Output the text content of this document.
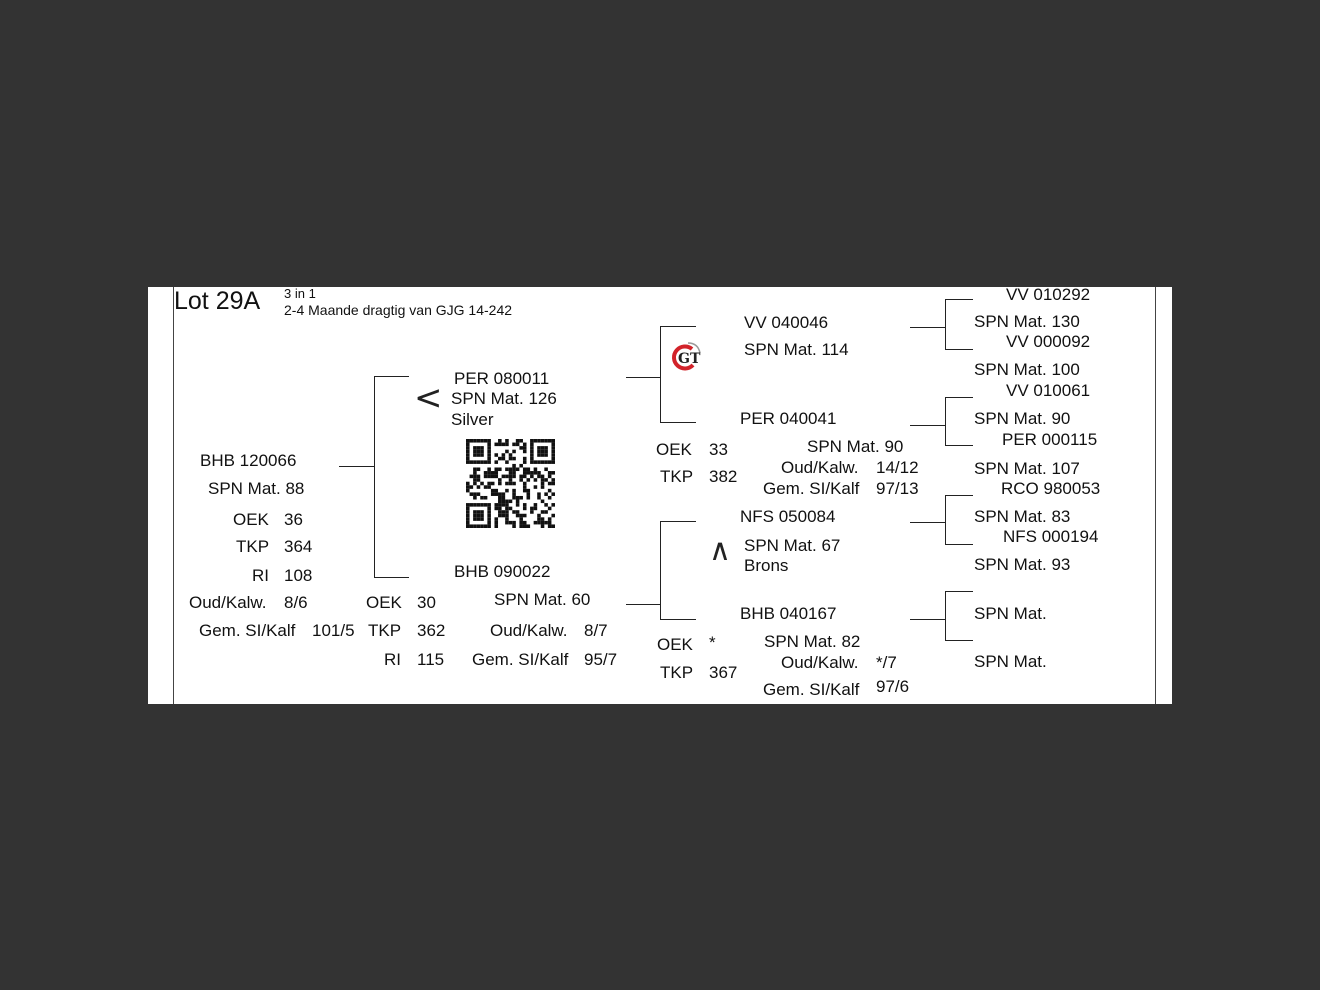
Lot 29A 3 in 1
2-4 Maande dragtig van GJG 14-242
BHB 120066
SPN Mat. 88
OEK 36
TKP 364
RI 108
Oud/Kalw. 8/6
Gem. SI/Kalf 101/5
< PER 080011
SPN Mat. 126
Silver
BHB 090022
SPN Mat. 60
OEK 30
TKP 362
RI 115
Oud/Kalw. 8/7
Gem. SI/Kalf 95/7
GT
VV 040046
SPN Mat. 114
PER 040041
SPN Mat. 90
OEK 33
TKP 382	Oud/Kalw. 14/12
Gem. SI/Kalf 97/13
∧
NFS 050084
SPN Mat. 67
Brons
BHB 040167
SPN Mat. 82
OEK *
TKP 367
Oud/Kalw. */7
Gem. SI/Kalf 97/6
VV 010292
SPN Mat. 130
VV 000092
SPN Mat. 100
VV 010061
SPN Mat. 90
PER 000115
SPN Mat. 107
RCO 980053
SPN Mat. 83
NFS 000194
SPN Mat. 93
SPN Mat.
SPN Mat.
